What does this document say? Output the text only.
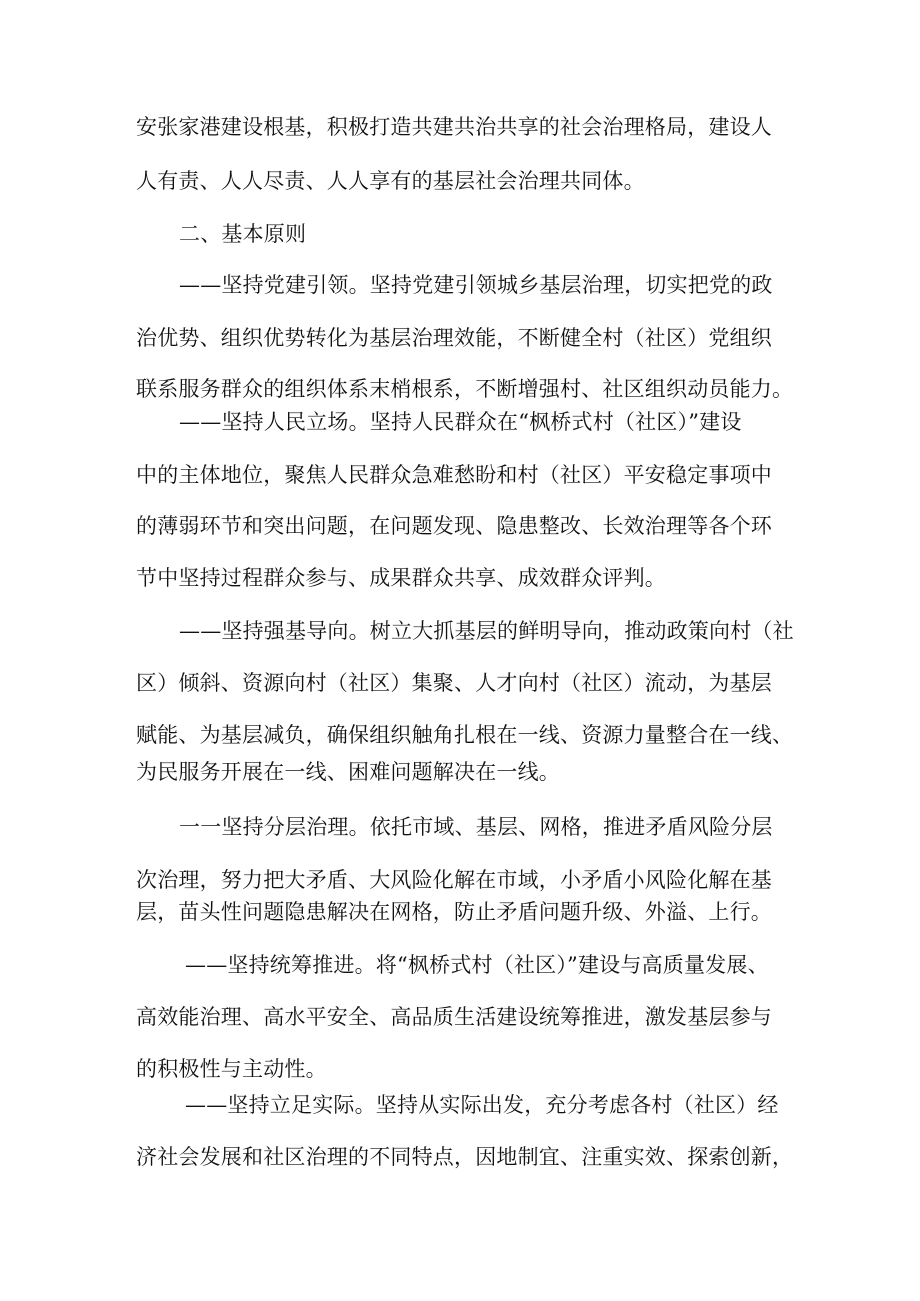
安张家港建设根基，积极打造共建共治共享的社会治理格局，建设人
人有责、人人尽责、人人享有的基层社会治理共同体。
二、基本原则
——坚持党建引领。坚持党建引领城乡基层治理，切实把党的政
治优势、组织优势转化为基层治理效能，不断健全村（社区）党组织
联系服务群众的组织体系末梢根系，不断增强村、社区组织动员能力。
——坚持人民立场。坚持人民群众在“枫桥式村（社区）”建设
中的主体地位，聚焦人民群众急难愁盼和村（社区）平安稳定事项中
的薄弱环节和突出问题，在问题发现、隐患整改、长效治理等各个环
节中坚持过程群众参与、成果群众共享、成效群众评判。
——坚持强基导向。树立大抓基层的鲜明导向，推动政策向村（社
区）倾斜、资源向村（社区）集聚、人才向村（社区）流动，为基层
赋能、为基层减负，确保组织触角扎根在一线、资源力量整合在一线、
为民服务开展在一线、困难问题解决在一线。
一一坚持分层治理。依托市域、基层、网格，推进矛盾风险分层
次治理，努力把大矛盾、大风险化解在市域，小矛盾小风险化解在基
层，苗头性问题隐患解决在网格，防止矛盾问题升级、外溢、上行。
——坚持统筹推进。将“枫桥式村（社区）”建设与高质量发展、
高效能治理、高水平安全、高品质生活建设统筹推进，激发基层参与
的积极性与主动性。
——坚持立足实际。坚持从实际出发，充分考虑各村（社区）经
济社会发展和社区治理的不同特点，因地制宜、注重实效、探索创新，
